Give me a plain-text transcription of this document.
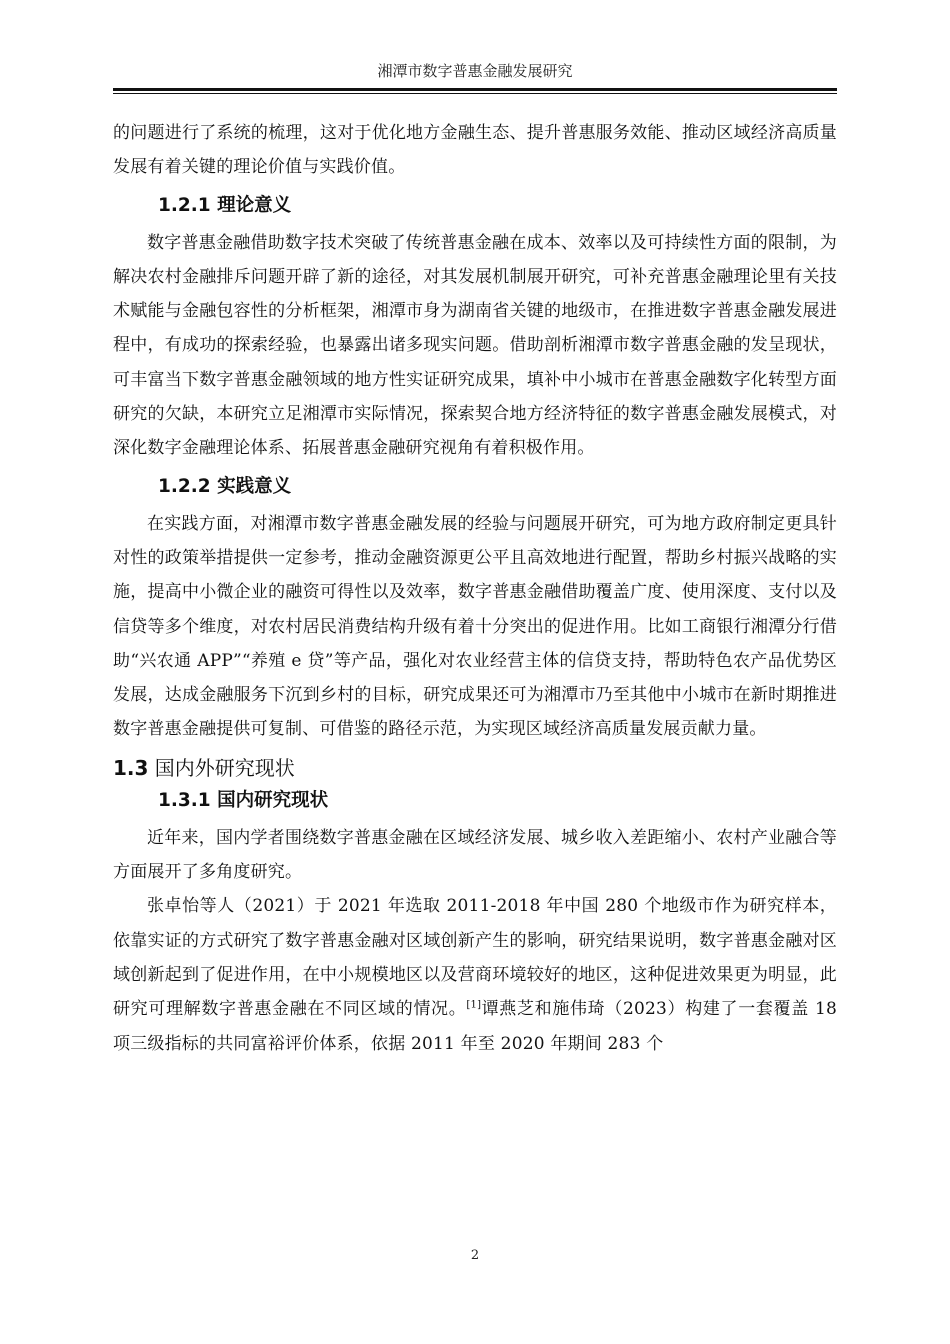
湘潭市数字普惠金融发展研究

的问题进行了系统的梳理，这对于优化地方金融生态、提升普惠服务效能、推动区域经济高质量发展有着关键的理论价值与实践价值。

1.2.1 理论意义

数字普惠金融借助数字技术突破了传统普惠金融在成本、效率以及可持续性方面的限制，为解决农村金融排斥问题开辟了新的途径，对其发展机制展开研究，可补充普惠金融理论里有关技术赋能与金融包容性的分析框架，湘潭市身为湖南省关键的地级市，在推进数字普惠金融发展进程中，有成功的探索经验，也暴露出诸多现实问题。借助剖析湘潭市数字普惠金融的发呈现状，可丰富当下数字普惠金融领域的地方性实证研究成果，填补中小城市在普惠金融数字化转型方面研究的欠缺，本研究立足湘潭市实际情况，探索契合地方经济特征的数字普惠金融发展模式，对深化数字金融理论体系、拓展普惠金融研究视角有着积极作用。

1.2.2 实践意义

在实践方面，对湘潭市数字普惠金融发展的经验与问题展开研究，可为地方政府制定更具针对性的政策举措提供一定参考，推动金融资源更公平且高效地进行配置，帮助乡村振兴战略的实施，提高中小微企业的融资可得性以及效率，数字普惠金融借助覆盖广度、使用深度、支付以及信贷等多个维度，对农村居民消费结构升级有着十分突出的促进作用。比如工商银行湘潭分行借助“兴农通 APP”“养殖 e 贷”等产品，强化对农业经营主体的信贷支持，帮助特色农产品优势区发展，达成金融服务下沉到乡村的目标，研究成果还可为湘潭市乃至其他中小城市在新时期推进数字普惠金融提供可复制、可借鉴的路径示范，为实现区域经济高质量发展贡献力量。

1.3 国内外研究现状
1.3.1 国内研究现状

近年来，国内学者围绕数字普惠金融在区域经济发展、城乡收入差距缩小、农村产业融合等方面展开了多角度研究。

张卓怡等人（2021）于 2021 年选取 2011-2018 年中国 280 个地级市作为研究样本，依靠实证的方式研究了数字普惠金融对区域创新产生的影响，研究结果说明，数字普惠金融对区域创新起到了促进作用，在中小规模地区以及营商环境较好的地区，这种促进效果更为明显，此研究可理解数字普惠金融在不同区域的情况。[1]谭燕芝和施伟琦（2023）构建了一套覆盖 18 项三级指标的共同富裕评价体系，依据 2011 年至 2020 年期间 283 个

2
